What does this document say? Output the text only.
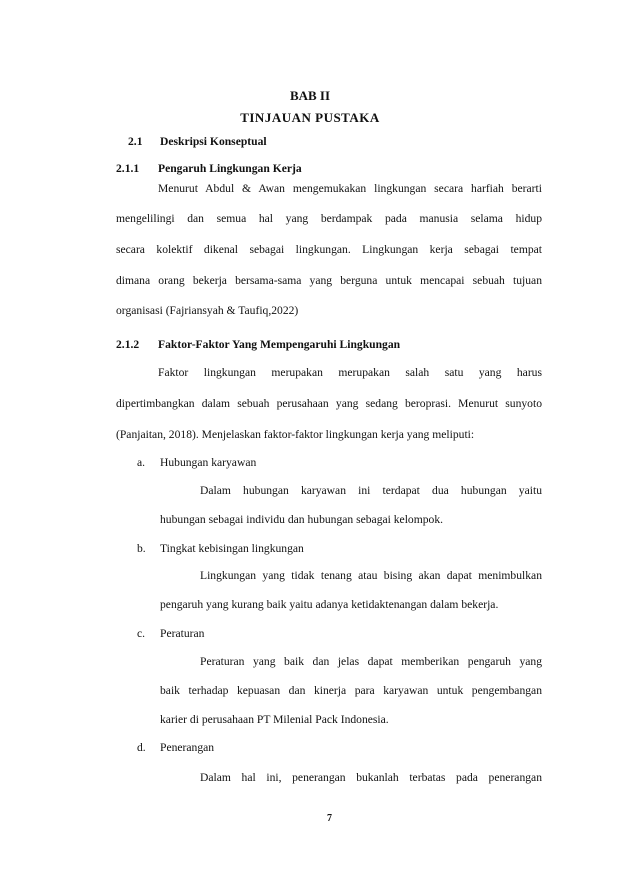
BAB II
TINJAUAN PUSTAKA
2.1 Deskripsi Konseptual
2.1.1 Pengaruh Lingkungan Kerja
Menurut Abdul & Awan mengemukakan lingkungan secara harfiah berarti
mengelilingi dan semua hal yang berdampak pada manusia selama hidup
secara kolektif dikenal sebagai lingkungan. Lingkungan kerja sebagai tempat
dimana orang bekerja bersama-sama yang berguna untuk mencapai sebuah tujuan
organisasi (Fajriansyah & Taufiq,2022)
2.1.2 Faktor-Faktor Yang Mempengaruhi Lingkungan
Faktor lingkungan merupakan merupakan salah satu yang harus
dipertimbangkan dalam sebuah perusahaan yang sedang beroprasi. Menurut sunyoto
(Panjaitan, 2018). Menjelaskan faktor-faktor lingkungan kerja yang meliputi:
a. Hubungan karyawan
Dalam hubungan karyawan ini terdapat dua hubungan yaitu
hubungan sebagai individu dan hubungan sebagai kelompok.
b. Tingkat kebisingan lingkungan
Lingkungan yang tidak tenang atau bising akan dapat menimbulkan
pengaruh yang kurang baik yaitu adanya ketidaktenangan dalam bekerja.
c. Peraturan
Peraturan yang baik dan jelas dapat memberikan pengaruh yang
baik terhadap kepuasan dan kinerja para karyawan untuk pengembangan
karier di perusahaan PT Milenial Pack Indonesia.
d. Penerangan
Dalam hal ini, penerangan bukanlah terbatas pada penerangan
7
